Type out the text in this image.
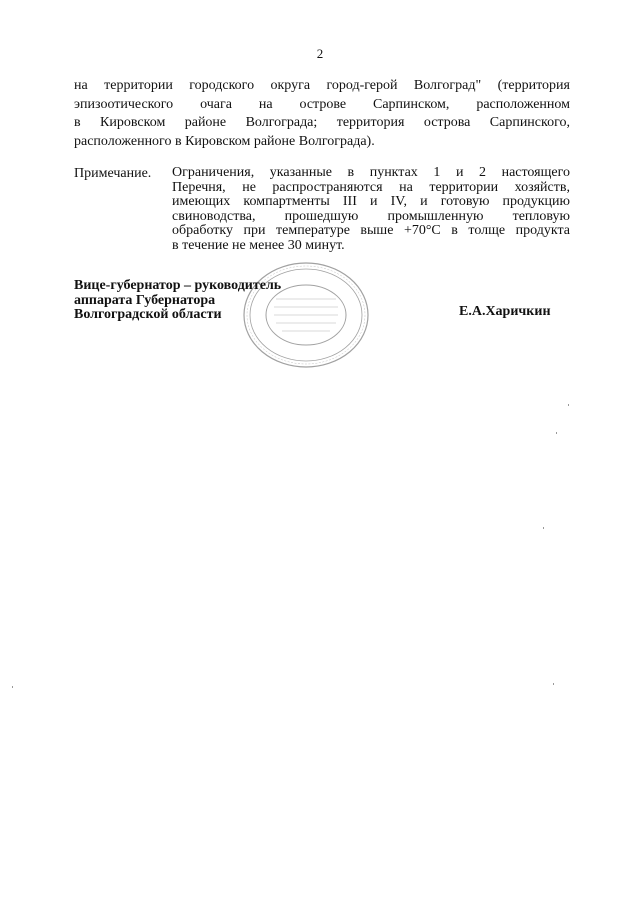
2
на территории городского округа город-герой Волгоград" (территория
эпизоотического очага на острове Сарпинском, расположенном
в Кировском районе Волгограда; территория острова Сарпинского,
расположенного в Кировском районе Волгограда).
Примечание. Ограничения, указанные в пунктах 1 и 2 настоящего
Перечня, не распространяются на территории хозяйств,
имеющих компартменты III и IV, и готовую продукцию
свиноводства, прошедшую промышленную тепловую
обработку при температуре выше +70°С в толще продукта
в течение не менее 30 минут.
Вице-губернатор – руководитель
аппарата Губернатора
Волгоградской области	Е.А.Харичкин
